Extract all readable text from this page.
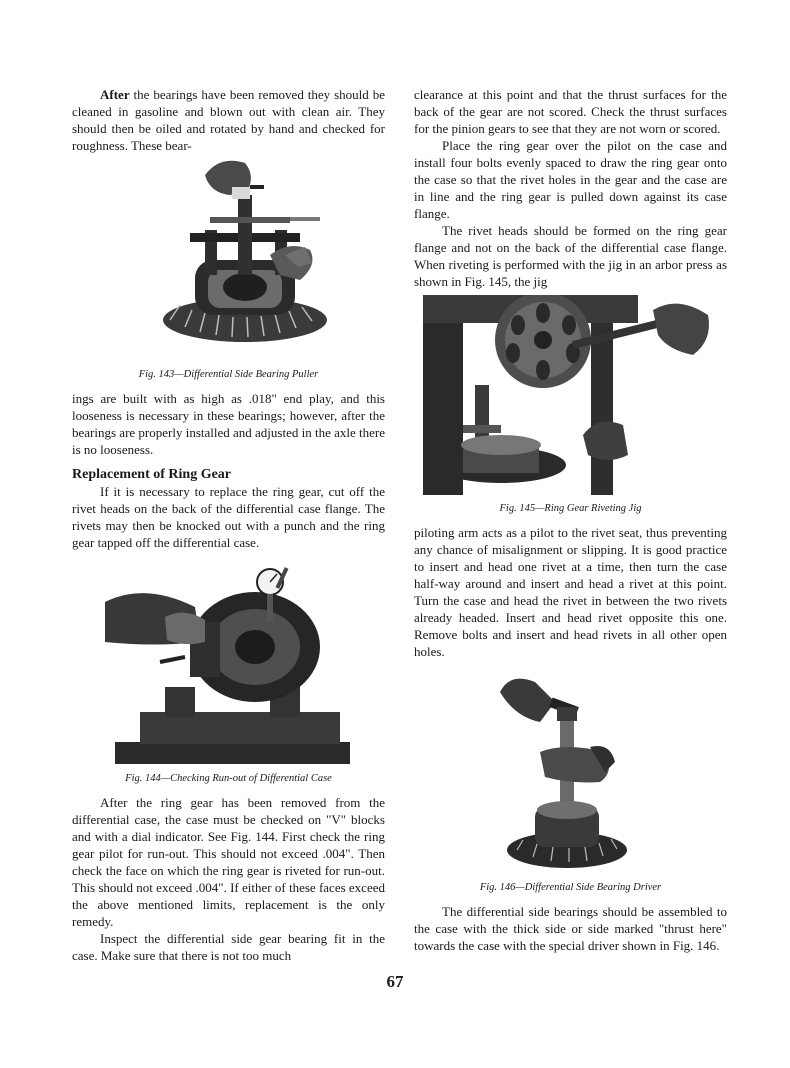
After the bearings have been removed they should be cleaned in gasoline and blown out with clean air. They should then be oiled and rotated by hand and checked for roughness. These bear-

Fig. 143—Differential Side Bearing Puller

ings are built with as high as .018" end play, and this looseness is necessary in these bearings; however, after the bearings are properly installed and adjusted in the axle there is no looseness.

Replacement of Ring Gear

If it is necessary to replace the ring gear, cut off the rivet heads on the back of the differential case flange. The rivets may then be knocked out with a punch and the ring gear tapped off the differential case.

Fig. 144—Checking Run-out of Differential Case

After the ring gear has been removed from the differential case, the case must be checked on "V" blocks and with a dial indicator. See Fig. 144. First check the ring gear pilot for run-out. This should not exceed .004". Then check the face on which the ring gear is riveted for run-out. This should not exceed .004". If either of these faces exceed the above mentioned limits, replacement is the only remedy.

Inspect the differential side gear bearing fit in the case. Make sure that there is not too much

clearance at this point and that the thrust surfaces for the back of the gear are not scored. Check the thrust surfaces for the pinion gears to see that they are not worn or scored.

Place the ring gear over the pilot on the case and install four bolts evenly spaced to draw the ring gear onto the case so that the rivet holes in the gear and the case are in line and the ring gear is pulled down against its case flange.

The rivet heads should be formed on the ring gear flange and not on the back of the differential case flange. When riveting is performed with the jig in an arbor press as shown in Fig. 145, the jig

Fig. 145—Ring Gear Riveting Jig

piloting arm acts as a pilot to the rivet seat, thus preventing any chance of misalignment or slipping. It is good practice to insert and head one rivet at a time, then turn the case half-way around and insert and head a rivet at this point. Turn the case and head the rivet in between the two rivets already headed. Insert and head rivet opposite this one. Remove bolts and insert and head rivets in all other open holes.

Fig. 146—Differential Side Bearing Driver

The differential side bearings should be assembled to the case with the thick side or side marked "thrust here" towards the case with the special driver shown in Fig. 146.

67
